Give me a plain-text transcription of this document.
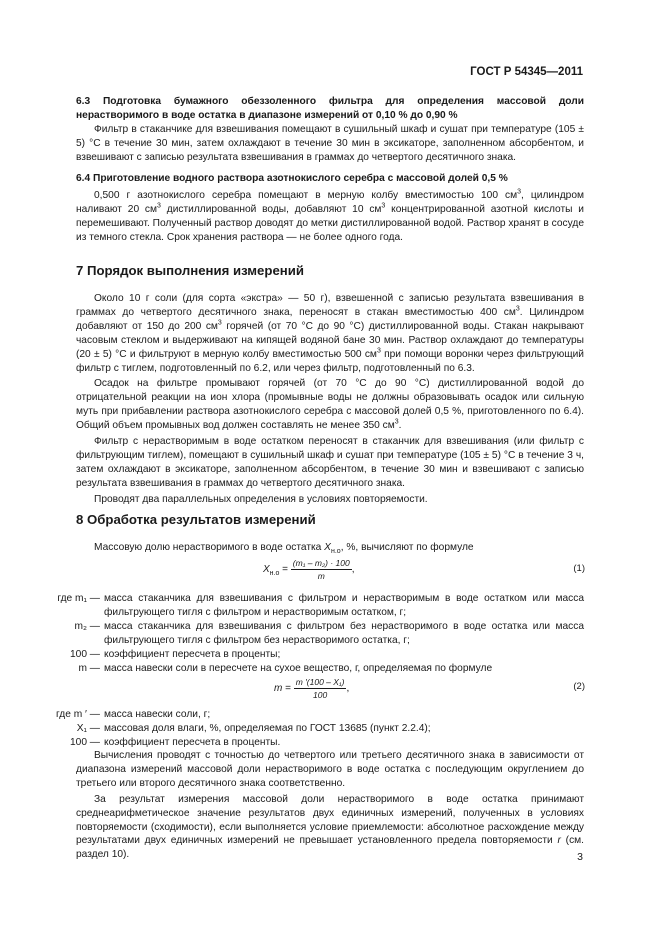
ГОСТ Р 54345—2011

6.3 Подготовка бумажного обеззоленного фильтра для определения массовой доли нерастворимого в воде остатка в диапазоне измерений от 0,10 % до 0,90 %

Фильтр в стаканчике для взвешивания помещают в сушильный шкаф и сушат при температуре (105 ± 5) °С в течение 30 мин, затем охлаждают в течение 30 мин в эксикаторе, заполненном абсорбентом, и взвешивают с записью результата взвешивания в граммах до четвертого десятичного знака.

6.4 Приготовление водного раствора азотнокислого серебра с массовой долей 0,5 %

0,500 г азотнокислого серебра помещают в мерную колбу вместимостью 100 $см^3$, цилиндром наливают 20 $см^3$ дистиллированной воды, добавляют 10 $см^3$ концентрированной азотной кислоты и перемешивают. Полученный раствор доводят до метки дистиллированной водой. Раствор хранят в сосуде из темного стекла. Срок хранения раствора — не более одного года.

7 Порядок выполнения измерений

Около 10 г соли (для сорта «экстра» — 50 г), взвешенной с записью результата взвешивания в граммах до четвертого десятичного знака, переносят в стакан вместимостью 400 $см^3$. Цилиндром добавляют от 150 до 200 $см^3$ горячей (от 70 °С до 90 °С) дистиллированной воды. Стакан накрывают часовым стеклом и выдерживают на кипящей водяной бане 30 мин. Раствор охлаждают до температуры (20 ± 5) °С и фильтруют в мерную колбу вместимостью 500 $см^3$ при помощи воронки через фильтрующий фильтр с тиглем, подготовленный по 6.2, или через фильтр, подготовленный по 6.3.

Осадок на фильтре промывают горячей (от 70 °С до 90 °С) дистиллированной водой до отрицательной реакции на ион хлора (промывные воды не должны образовывать осадок или сильную муть при прибавлении раствора азотнокислого серебра с массовой долей 0,5 %, приготовленного по 6.4). Общий объем промывных вод должен составлять не менее 350 $см^3$.

Фильтр с нерастворимым в воде остатком переносят в стаканчик для взвешивания (или фильтр с фильтрующим тиглем), помещают в сушильный шкаф и сушат при температуре (105 ± 5) °С в течение 3 ч, затем охлаждают в эксикаторе, заполненном абсорбентом, в течение 30 мин и взвешивают с записью результата взвешивания в граммах до четвертого десятичного знака.

Проводят два параллельных определения в условиях повторяемости.

8 Обработка результатов измерений

Массовую долю нерастворимого в воде остатка $X_{н.о}$, %, вычисляют по формуле

$X_{н.о} = \frac{\text{(m₁ – m₂) · 100}}{m}$ ,	(1)
где m₁ — масса стаканчика для взвешивания с фильтром и нерастворимым в воде остатком или масса фильтрующего тигля с фильтром и нерастворимым остатком, г;
m₂ — масса стаканчика для взвешивания с фильтром без нерастворимого в воде остатка или масса фильтрующего тигля с фильтром без нерастворимого остатка, г;
100 — коэффициент пересчета в проценты;
m — масса навески соли в пересчете на сухое вещество, г, определяемая по формуле
$m = \frac{\text{m ′(100 – X₁)}}{100}$ ,	(2)
где m ′ — масса навески соли, г;
X₁ — массовая доля влаги, %, определяемая по ГОСТ 13685 (пункт 2.2.4);
100 — коэффициент пересчета в проценты.

Вычисления проводят с точностью до четвертого или третьего десятичного знака в зависимости от диапазона измерений массовой доли нерастворимого в воде остатка с последующим округлением до третьего или второго десятичного знака соответственно.

За результат измерения массовой доли нерастворимого в воде остатка принимают среднеарифметическое значение результатов двух единичных измерений, полученных в условиях повторяемости (сходимости), если выполняется условие приемлемости: абсолютное расхождение между результатами двух единичных измерений не превышает установленного предела повторяемости r (см. раздел 10).	3
